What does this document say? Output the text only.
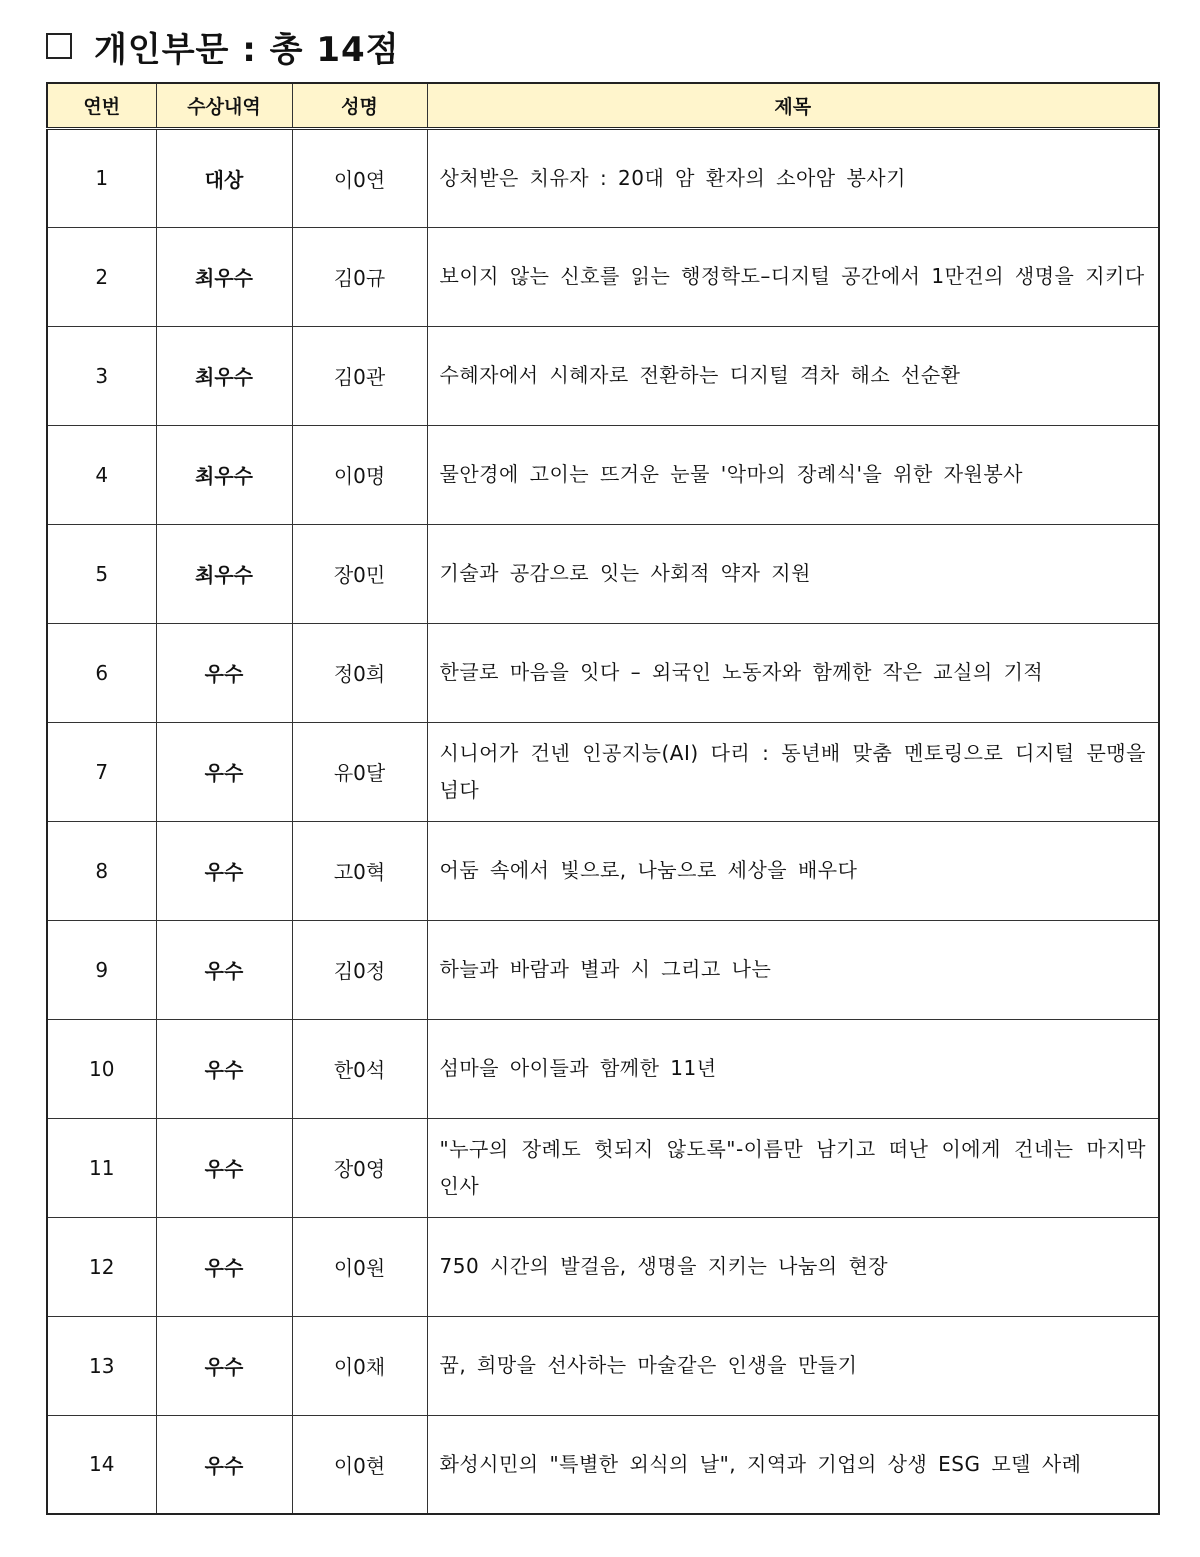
개인부문 : 총 14점
연번	수상내역	성명	제목
1	대상	이0연	상처받은 치유자 : 20대 암 환자의 소아암 봉사기
2	최우수	김0규	보이지 않는 신호를 읽는 행정학도–디지털 공간에서 1만건의 생명을 지키다
3	최우수	김0관	수혜자에서 시혜자로 전환하는 디지털 격차 해소 선순환
4	최우수	이0명	물안경에 고이는 뜨거운 눈물 '악마의 장례식'을 위한 자원봉사
5	최우수	장0민	기술과 공감으로 잇는 사회적 약자 지원
6	우수	정0희	한글로 마음을 잇다 – 외국인 노동자와 함께한 작은 교실의 기적
7	우수	유0달	시니어가 건넨 인공지능(AI) 다리 : 동년배 맞춤 멘토링으로 디지털 문맹을 넘다
8	우수	고0혁	어둠 속에서 빛으로, 나눔으로 세상을 배우다
9	우수	김0정	하늘과 바람과 별과 시 그리고 나는
10	우수	한0석	섬마을 아이들과 함께한 11년
11	우수	장0영	"누구의 장례도 헛되지 않도록"-이름만 남기고 떠난 이에게 건네는 마지막 인사
12	우수	이0원	750 시간의 발걸음, 생명을 지키는 나눔의 현장
13	우수	이0채	꿈, 희망을 선사하는 마술같은 인생을 만들기
14	우수	이0현	화성시민의 "특별한 외식의 날", 지역과 기업의 상생 ESG 모델 사례
